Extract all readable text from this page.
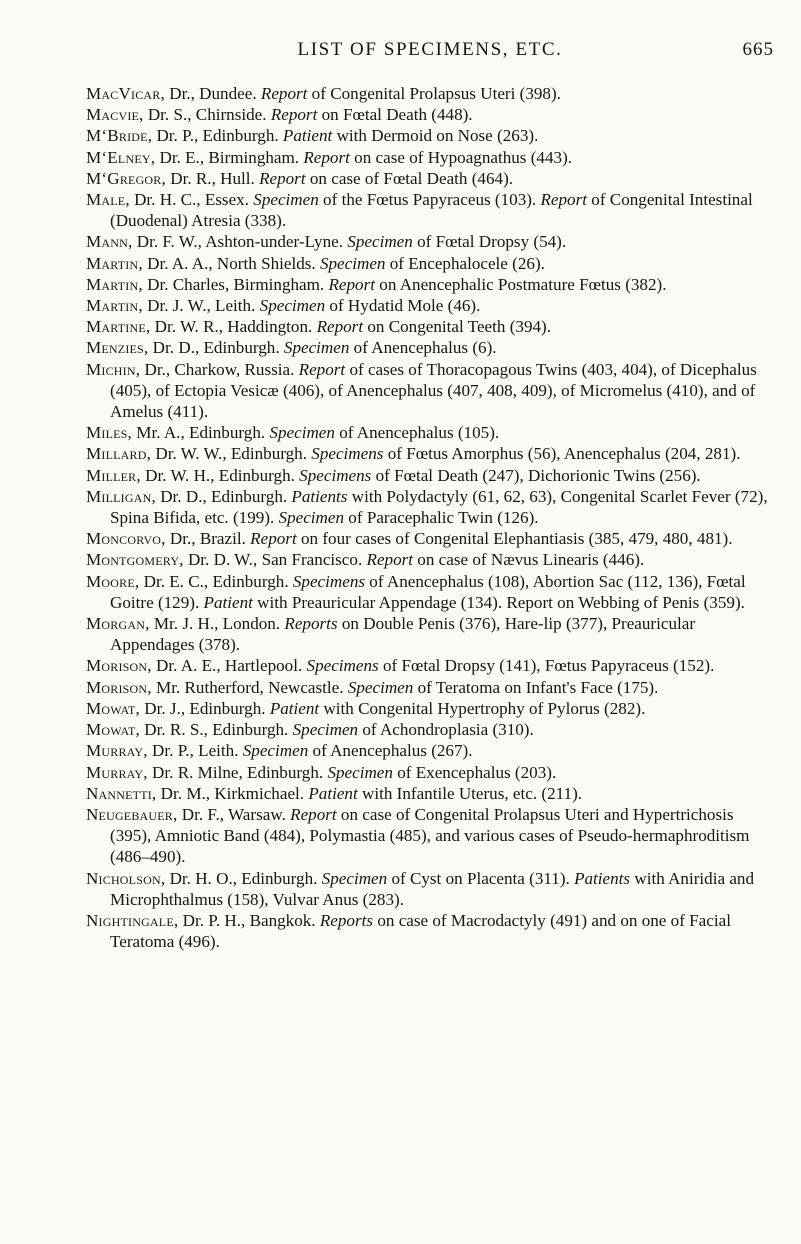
LIST OF SPECIMENS, ETC.	665

MacVicar, Dr., Dundee. Report of Congenital Prolapsus Uteri (398).

Macvie, Dr. S., Chirnside. Report on Fœtal Death (448).

M‘Bride, Dr. P., Edinburgh. Patient with Dermoid on Nose (263).

M‘Elney, Dr. E., Birmingham. Report on case of Hypoagnathus (443).

M‘Gregor, Dr. R., Hull. Report on case of Fœtal Death (464).

Male, Dr. H. C., Essex. Specimen of the Fœtus Papyraceus (103). Report of Congenital Intestinal (Duodenal) Atresia (338).

Mann, Dr. F. W., Ashton-under-Lyne. Specimen of Fœtal Dropsy (54).

Martin, Dr. A. A., North Shields. Specimen of Encephalocele (26).

Martin, Dr. Charles, Birmingham. Report on Anencephalic Postmature Fœtus (382).

Martin, Dr. J. W., Leith. Specimen of Hydatid Mole (46).

Martine, Dr. W. R., Haddington. Report on Congenital Teeth (394).

Menzies, Dr. D., Edinburgh. Specimen of Anencephalus (6).

Michin, Dr., Charkow, Russia. Report of cases of Thoracopagous Twins (403, 404), of Dicephalus (405), of Ectopia Vesicæ (406), of Anencephalus (407, 408, 409), of Micromelus (410), and of Amelus (411).

Miles, Mr. A., Edinburgh. Specimen of Anencephalus (105).

Millard, Dr. W. W., Edinburgh. Specimens of Fœtus Amorphus (56), Anencephalus (204, 281).

Miller, Dr. W. H., Edinburgh. Specimens of Fœtal Death (247), Dichorionic Twins (256).

Milligan, Dr. D., Edinburgh. Patients with Polydactyly (61, 62, 63), Congenital Scarlet Fever (72), Spina Bifida, etc. (199). Specimen of Paracephalic Twin (126).

Moncorvo, Dr., Brazil. Report on four cases of Congenital Elephantiasis (385, 479, 480, 481).

Montgomery, Dr. D. W., San Francisco. Report on case of Nævus Linearis (446).

Moore, Dr. E. C., Edinburgh. Specimens of Anencephalus (108), Abortion Sac (112, 136), Fœtal Goitre (129). Patient with Preauricular Appendage (134). Report on Webbing of Penis (359).

Morgan, Mr. J. H., London. Reports on Double Penis (376), Hare-lip (377), Preauricular Appendages (378).

Morison, Dr. A. E., Hartlepool. Specimens of Fœtal Dropsy (141), Fœtus Papyraceus (152).

Morison, Mr. Rutherford, Newcastle. Specimen of Teratoma on Infant's Face (175).

Mowat, Dr. J., Edinburgh. Patient with Congenital Hypertrophy of Pylorus (282).

Mowat, Dr. R. S., Edinburgh. Specimen of Achondroplasia (310).

Murray, Dr. P., Leith. Specimen of Anencephalus (267).

Murray, Dr. R. Milne, Edinburgh. Specimen of Exencephalus (203).

Nannetti, Dr. M., Kirkmichael. Patient with Infantile Uterus, etc. (211).

Neugebauer, Dr. F., Warsaw. Report on case of Congenital Prolapsus Uteri and Hypertrichosis (395), Amniotic Band (484), Polymastia (485), and various cases of Pseudo-hermaphroditism (486–490).

Nicholson, Dr. H. O., Edinburgh. Specimen of Cyst on Placenta (311). Patients with Aniridia and Microphthalmus (158), Vulvar Anus (283).

Nightingale, Dr. P. H., Bangkok. Reports on case of Macrodactyly (491) and on one of Facial Teratoma (496).
